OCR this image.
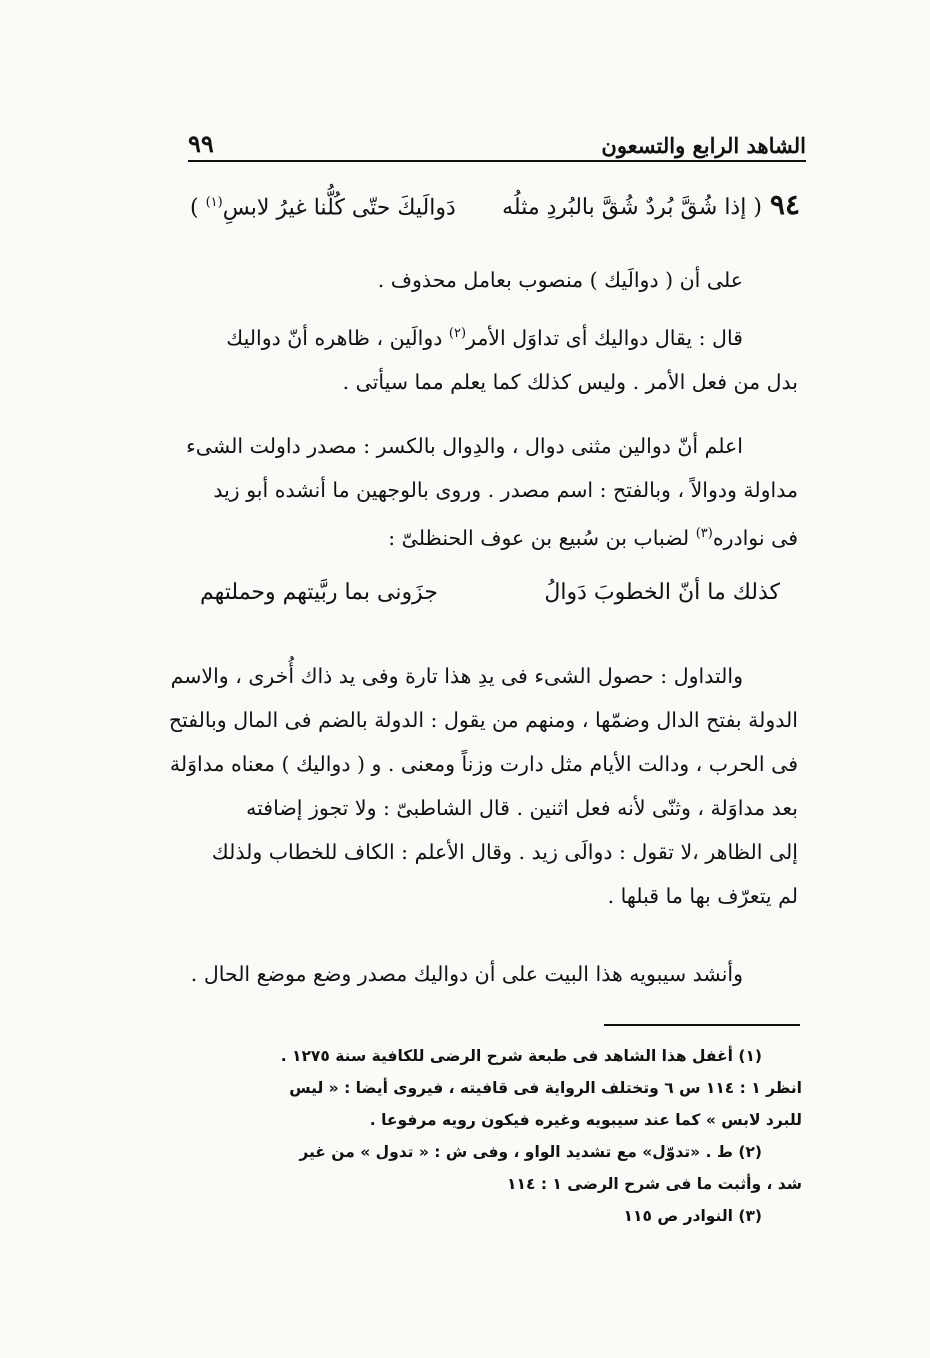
الشاهد الرابع والتسعون
٩٩
٩٤
( إذا شُقَّ بُردٌ شُقَّ بالبُردِ مثلُه
دَوالَيكَ حتّى كُلُّنا غيرُ لابسِ$^{(١)}$ )
على أن ( دوالَيك ) منصوب بعامل محذوف .
قال : يقال دواليك أى تداوَل الأمر$^{(٢)}$ دوالَين ، ظاهره أنّ دواليك
بدل من فعل الأمر . وليس كذلك كما يعلم مما سيأتى .
اعلم أنّ دوالين مثنى دوال ، والدِوال بالكسر : مصدر داولت الشىء
مداولة ودوالاً ، وبالفتح : اسم مصدر . وروى بالوجهين ما أنشده أبو زيد
فى نوادره$^{(٣)}$ لضباب بن سُبيع بن عوف الحنظلىّ :
كذلك ما أنّ الخطوبَ دَوالُ
جزَونى بما ربَّيتهم وحملتهم
والتداول : حصول الشىء فى يدِ هذا تارة وفى يد ذاك أُخرى ، والاسم
الدولة بفتح الدال وضمّها ، ومنهم من يقول : الدولة بالضم فى المال وبالفتح
فى الحرب ، ودالت الأيام مثل دارت وزناً ومعنى . و ( دواليك ) معناه مداوَلة
بعد مداوَلة ، وثنّى لأنه فعل اثنين . قال الشاطبىّ : ولا تجوز إضافته
إلى الظاهر ،لا تقول : دوالَى زيد . وقال الأعلم : الكاف للخطاب ولذلك
لم يتعرّف بها ما قبلها .
وأنشد سيبويه هذا البيت على أن دواليك مصدر وضع موضع الحال .
(١) أغفل هذا الشاهد فى طبعة شرح الرضى للكافية سنة ١٢٧٥ .
انظر ١ : ١١٤ س ٦ وتختلف الرواية فى قافيته ، فيروى أيضا : « ليس
للبرد لابس » كما عند سيبويه وغيره فيكون رويه مرفوعا .
(٢) ط . «تدوّل» مع تشديد الواو ، وفى ش : « تدول » من غير
شد ، وأثبت ما فى شرح الرضى ١ : ١١٤
(٣) النوادر ص ١١٥
